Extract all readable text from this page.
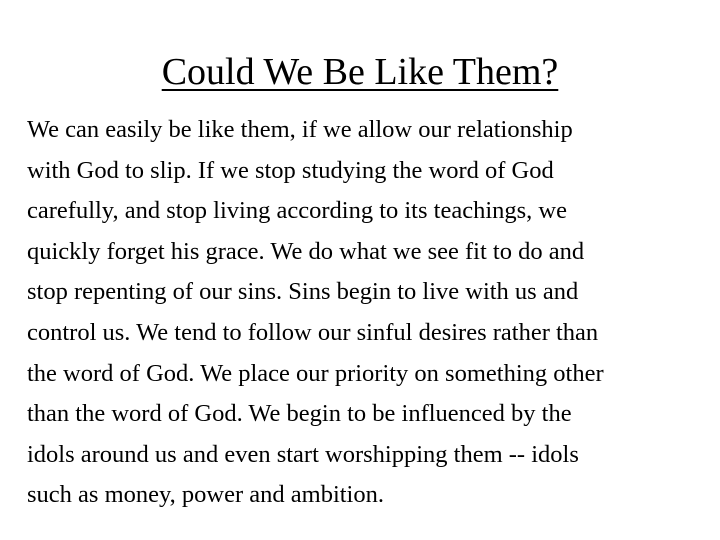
Could We Be Like Them?

We can easily be like them, if we allow our relationship
with God to slip. If we stop studying the word of God
carefully, and stop living according to its teachings, we
quickly forget his grace. We do what we see fit to do and
stop repenting of our sins. Sins begin to live with us and
control us. We tend to follow our sinful desires rather than
the word of God. We place our priority on something other
than the word of God. We begin to be influenced by the
idols around us and even start worshipping them -- idols
such as money, power and ambition.
